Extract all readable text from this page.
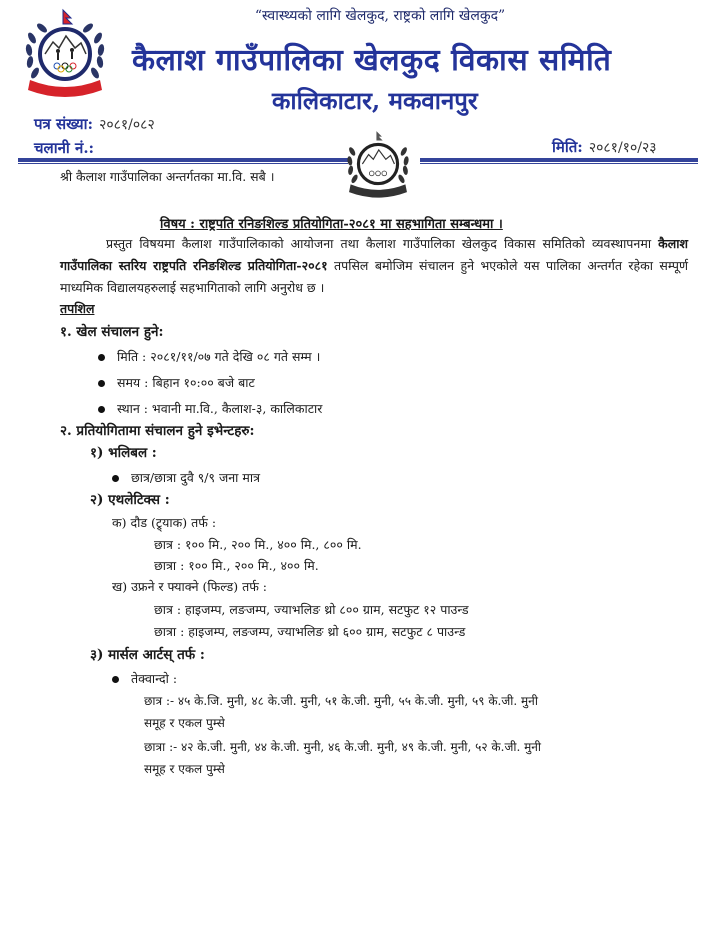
“स्वास्थ्यको लागि खेलकुद, राष्ट्रको लागि खेलकुद”
कैलाश गाउँपालिका खेलकुद विकास समिति
कालिकाटार, मकवानपुर
पत्र संख्या: २०८१/०८२
चलानी नं.:	मिति: २०८१/१०/२३
श्री कैलाश गाउँपालिका अन्तर्गतका मा.वि. सबै ।
विषय : राष्ट्रपति रनिङशिल्ड प्रतियोगिता-२०८१ मा सहभागिता सम्बन्धमा ।
प्रस्तुत विषयमा कैलाश गाउँपालिकाको आयोजना तथा कैलाश गाउँपालिका खेलकुद विकास समितिको व्यवस्थापनमा कैलाश गाउँपालिका स्तरिय राष्ट्रपति रनिङशिल्ड प्रतियोगिता-२०८१ तपसिल बमोजिम संचालन हुने भएकोले यस पालिका अन्तर्गत रहेका सम्पूर्ण माध्यमिक विद्यालयहरुलाई सहभागिताको लागि अनुरोध छ ।
तपशिल
१. खेल संचालन हुने:
मिति : २०८१/११/०७ गते देखि ०८ गते सम्म ।
समय : बिहान १०:०० बजे बाट
स्थान : भवानी मा.वि., कैलाश-३, कालिकाटार
२. प्रतियोगितामा संचालन हुने इभेन्टहरु:
१) भलिबल :
छात्र/छात्रा दुवै ९/९ जना मात्र
२) एथलेटिक्स :
क) दौड (ट्र्याक) तर्फ :
छात्र : १०० मि., २०० मि., ४०० मि., ८०० मि.
छात्रा : १०० मि., २०० मि., ४०० मि.
ख) उफ्रने र फ्याक्ने (फिल्ड) तर्फ :
छात्र : हाइजम्प, लङजम्प, ज्याभलिङ थ्रो ८०० ग्राम, सटफुट १२ पाउन्ड
छात्रा : हाइजम्प, लङजम्प, ज्याभलिङ थ्रो ६०० ग्राम, सटफुट ८ पाउन्ड
३) मार्सल आर्टस् तर्फ :
तेक्वान्दो :
छात्र :- ४५ के.जि. मुनी, ४८ के.जी. मुनी, ५१ के.जी. मुनी, ५५ के.जी. मुनी, ५९ के.जी. मुनी
समूह र एकल पुम्से
छात्रा :- ४२ के.जी. मुनी, ४४ के.जी. मुनी, ४६ के.जी. मुनी, ४९ के.जी. मुनी, ५२ के.जी. मुनी
समूह र एकल पुम्से
